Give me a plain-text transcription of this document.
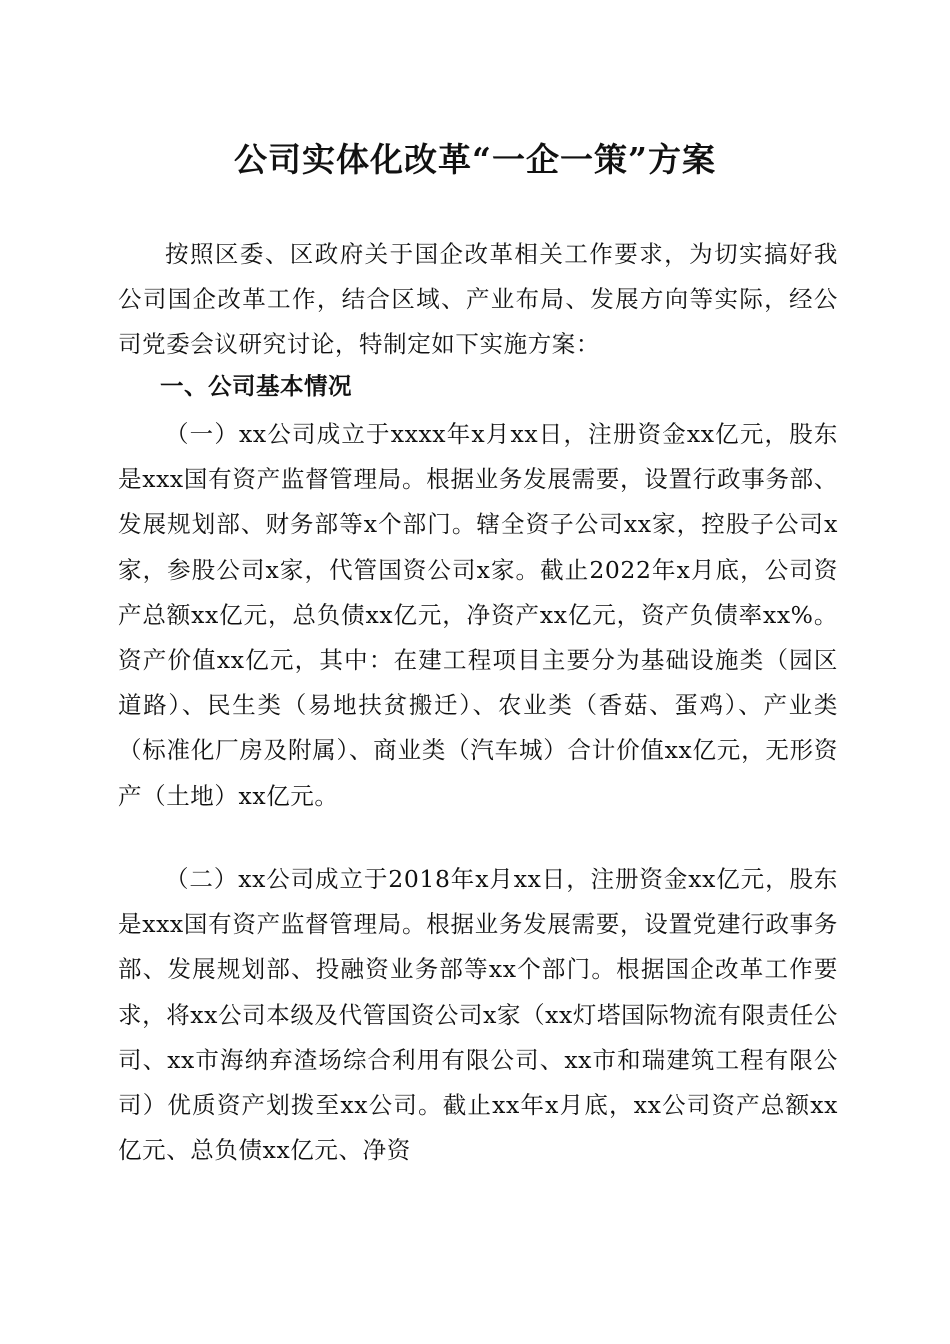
公司实体化改革“一企一策”方案

按照区委、区政府关于国企改革相关工作要求，为切实搞好我公司国企改革工作，结合区域、产业布局、发展方向等实际，经公司党委会议研究讨论，特制定如下实施方案：

一、公司基本情况

（一）xx公司成立于xxxx年x月xx日，注册资金xx亿元，股东是xxx国有资产监督管理局。根据业务发展需要，设置行政事务部、发展规划部、财务部等x个部门。辖全资子公司xx家，控股子公司x家，参股公司x家，代管国资公司x家。截止2022年x月底，公司资产总额xx亿元，总负债xx亿元，净资产xx亿元，资产负债率xx%。资产价值xx亿元，其中：在建工程项目主要分为基础设施类（园区道路）、民生类（易地扶贫搬迁）、农业类（香菇、蛋鸡）、产业类（标准化厂房及附属）、商业类（汽车城）合计价值xx亿元，无形资产（土地）xx亿元。

（二）xx公司成立于2018年x月xx日，注册资金xx亿元，股东是xxx国有资产监督管理局。根据业务发展需要，设置党建行政事务部、发展规划部、投融资业务部等xx个部门。根据国企改革工作要求，将xx公司本级及代管国资公司x家（xx灯塔国际物流有限责任公司、xx市海纳弃渣场综合利用有限公司、xx市和瑞建筑工程有限公司）优质资产划拨至xx公司。截止xx年x月底，xx公司资产总额xx亿元、总负债xx亿元、净资
